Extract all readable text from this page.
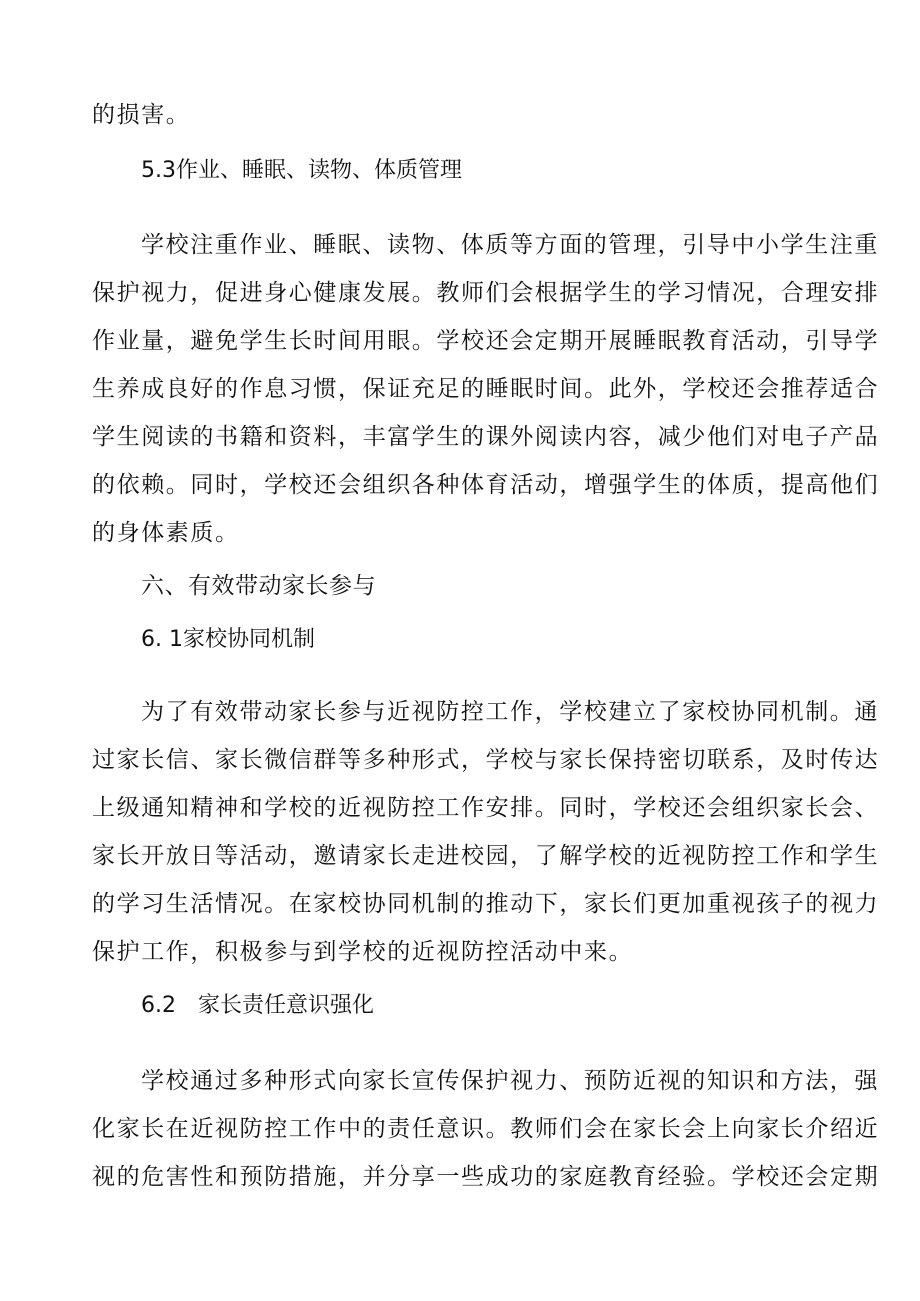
的损害。
5.3作业、睡眠、读物、体质管理
学校注重作业、睡眠、读物、体质等方面的管理，引导中小学生注重
保护视力，促进身心健康发展。教师们会根据学生的学习情况，合理安排
作业量，避免学生长时间用眼。学校还会定期开展睡眠教育活动，引导学
生养成良好的作息习惯，保证充足的睡眠时间。此外，学校还会推荐适合
学生阅读的书籍和资料，丰富学生的课外阅读内容，减少他们对电子产品
的依赖。同时，学校还会组织各种体育活动，增强学生的体质，提高他们
的身体素质。
六、有效带动家长参与
6. 1家校协同机制
为了有效带动家长参与近视防控工作，学校建立了家校协同机制。通
过家长信、家长微信群等多种形式，学校与家长保持密切联系，及时传达
上级通知精神和学校的近视防控工作安排。同时，学校还会组织家长会、
家长开放日等活动，邀请家长走进校园，了解学校的近视防控工作和学生
的学习生活情况。在家校协同机制的推动下，家长们更加重视孩子的视力
保护工作，积极参与到学校的近视防控活动中来。
6.2　家长责任意识强化
学校通过多种形式向家长宣传保护视力、预防近视的知识和方法，强
化家长在近视防控工作中的责任意识。教师们会在家长会上向家长介绍近
视的危害性和预防措施，并分享一些成功的家庭教育经验。学校还会定期
